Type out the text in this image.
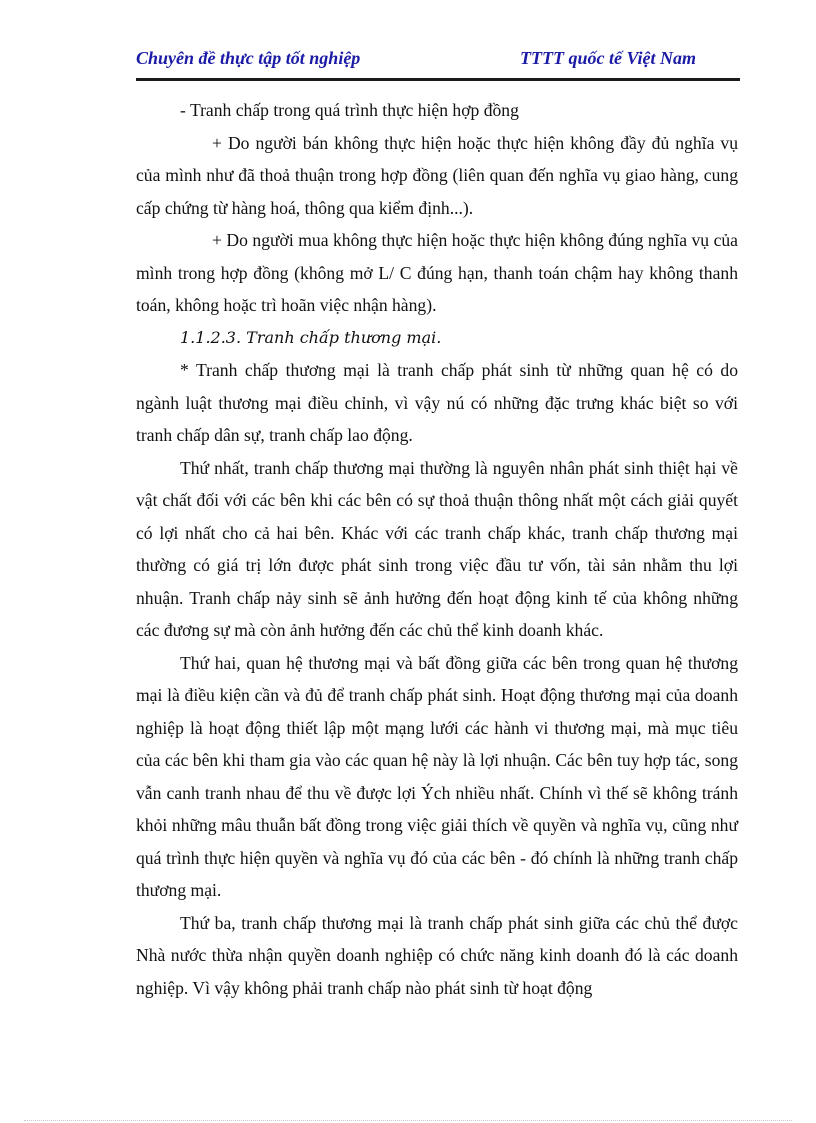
Chuyên đề thực tập tốt nghiệp	TTTT quốc tế Việt Nam

- Tranh chấp trong quá trình thực hiện hợp đồng

+ Do người bán không thực hiện hoặc thực hiện không đầy đủ nghĩa vụ của mình như đã thoả thuận trong hợp đồng (liên quan đến nghĩa vụ giao hàng, cung cấp chứng từ hàng hoá, thông qua kiểm định...).

+ Do người mua không thực hiện hoặc thực hiện không đúng nghĩa vụ của mình trong hợp đồng (không mở L/ C đúng hạn, thanh toán chậm hay không thanh toán, không hoặc trì hoãn việc nhận hàng).

1.1.2.3. Tranh chấp thương mại.

* Tranh chấp thương mại là tranh chấp phát sinh từ những quan hệ có do ngành luật thương mại điều chỉnh, vì vậy nú có những đặc trưng khác biệt so với tranh chấp dân sự, tranh chấp lao động.

Thứ nhất, tranh chấp thương mại thường là nguyên nhân phát sinh thiệt hại về vật chất đối với các bên khi các bên có sự thoả thuận thông nhất một cách giải quyết có lợi nhất cho cả hai bên. Khác với các tranh chấp khác, tranh chấp thương mại thường có giá trị lớn được phát sinh trong việc đầu tư vốn, tài sản nhằm thu lợi nhuận. Tranh chấp nảy sinh sẽ ảnh hưởng đến hoạt động kinh tế của không những các đương sự mà còn ảnh hưởng đến các chủ thể kinh doanh khác.

Thứ hai, quan hệ thương mại và bất đồng giữa các bên trong quan hệ thương mại là điều kiện cần và đủ để tranh chấp phát sinh. Hoạt động thương mại của doanh nghiệp là hoạt động thiết lập một mạng lưới các hành vi thương mại, mà mục tiêu của các bên khi tham gia vào các quan hệ này là lợi nhuận. Các bên tuy hợp tác, song vẫn canh tranh nhau để thu về được lợi Ých nhiều nhất. Chính vì thế sẽ không tránh khỏi những mâu thuẫn bất đồng trong việc giải thích về quyền và nghĩa vụ, cũng như quá trình thực hiện quyền và nghĩa vụ đó của các bên - đó chính là những tranh chấp thương mại.

Thứ ba, tranh chấp thương mại là tranh chấp phát sinh giữa các chủ thể được Nhà nước thừa nhận quyền doanh nghiệp có chức năng kinh doanh đó là các doanh nghiệp. Vì vậy không phải tranh chấp nào phát sinh từ hoạt động
